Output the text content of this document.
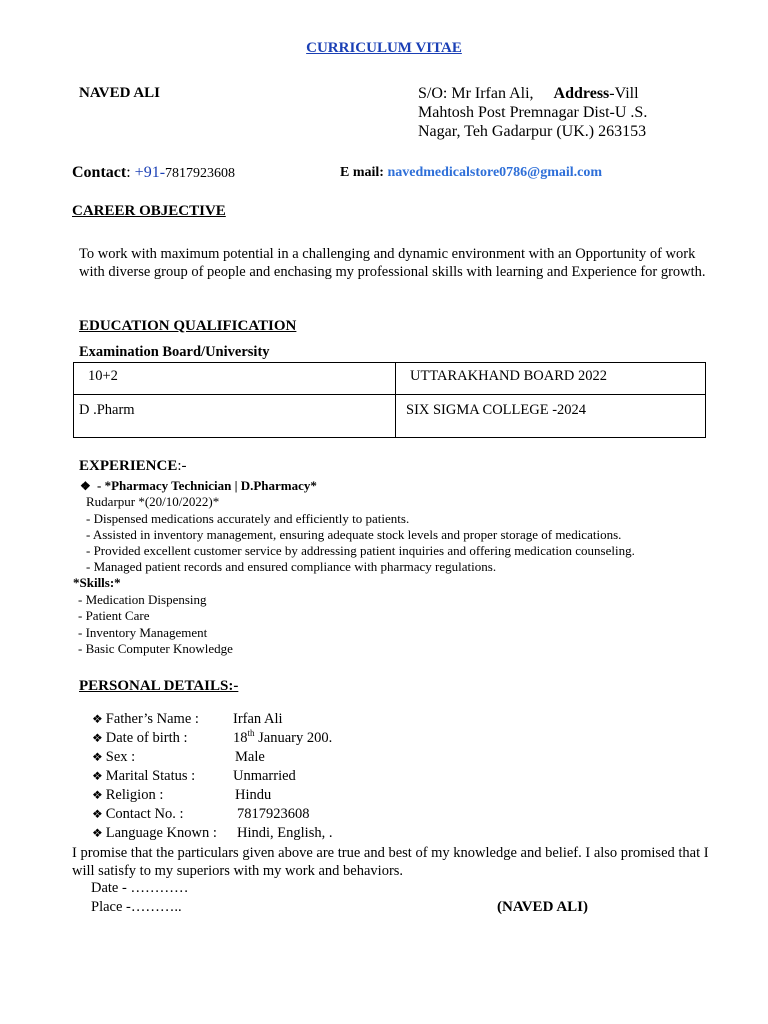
CURRICULUM VITAE
NAVED ALI	S/O: Mr Irfan Ali, Address-Vill
Mahtosh Post Premnagar Dist-U .S.
Nagar, Teh Gadarpur (UK.) 263153
Contact: +91-7817923608	E mail: navedmedicalstore0786@gmail.com
CAREER OBJECTIVE
To work with maximum potential in a challenging and dynamic environment with an Opportunity of work with diverse group of people and enchasing my professional skills with learning and Experience for growth.
EDUCATION QUALIFICATION
Examination Board/University
10+2	UTTARAKHAND BOARD 2022
D .Pharm	SIX SIGMA COLLEGE -2024
EXPERIENCE:-
❖ - *Pharmacy Technician | D.Pharmacy*
Rudarpur *(20/10/2022)*
- Dispensed medications accurately and efficiently to patients.
- Assisted in inventory management, ensuring adequate stock levels and proper storage of medications.
- Provided excellent customer service by addressing patient inquiries and offering medication counseling.
- Managed patient records and ensured compliance with pharmacy regulations.
*Skills:*
- Medication Dispensing
- Patient Care
- Inventory Management
- Basic Computer Knowledge
PERSONAL DETAILS:-
❖ Father’s Name : Irfan Ali
❖ Date of birth :	18th January 200.
❖ Sex :	Male
❖ Marital Status :	Unmarried
❖ Religion :	Hindu
❖ Contact No. :	7817923608
❖ Language Known : Hindi, English, .
I promise that the particulars given above are true and best of my knowledge and belief. I also promised that I will satisfy to my superiors with my work and behaviors.
Date - …………
Place -………..	(NAVED ALI)
